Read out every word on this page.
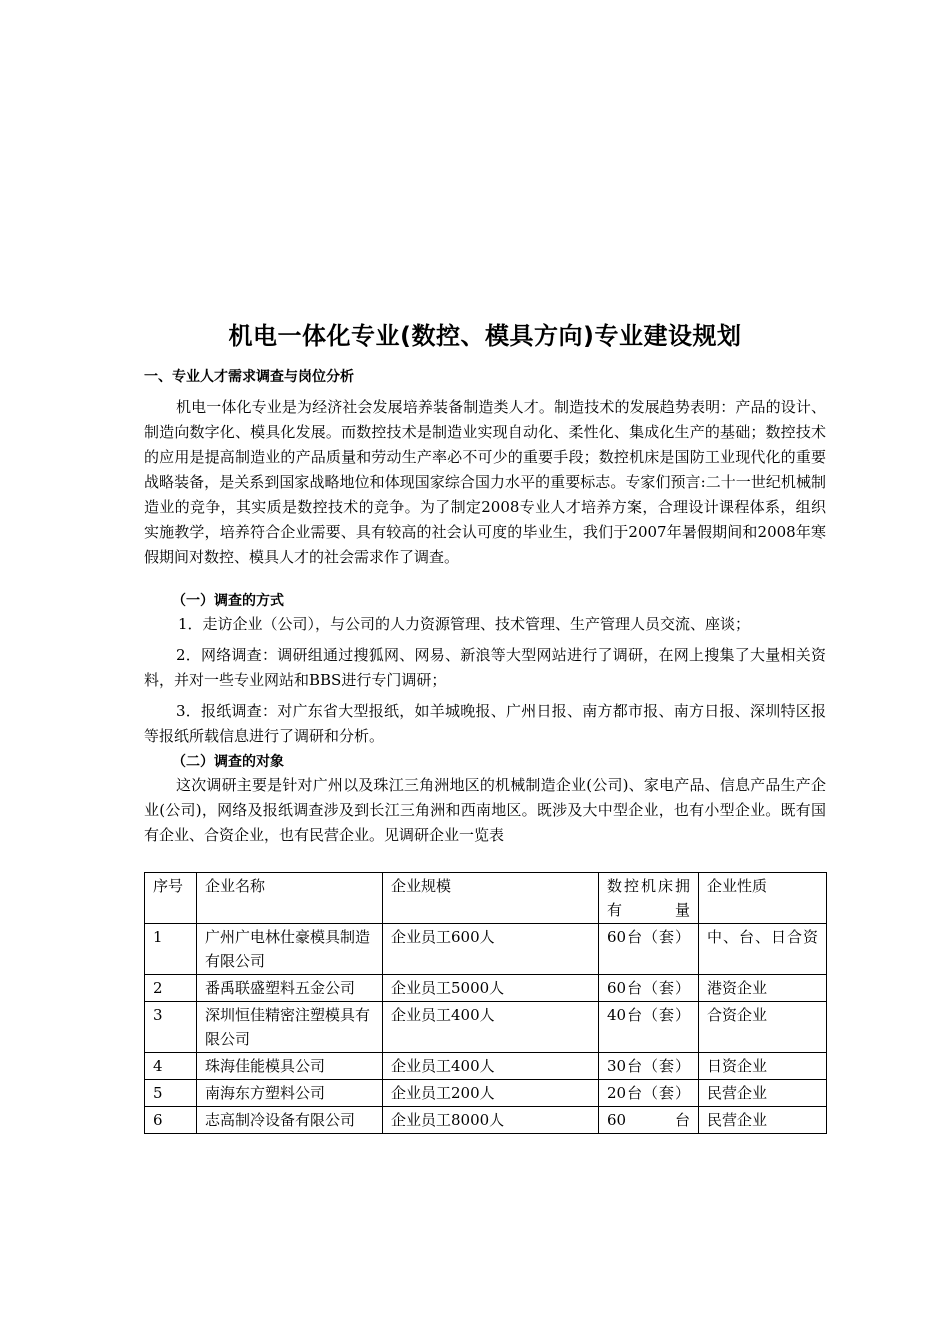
机电一体化专业(数控、模具方向)专业建设规划
一、专业人才需求调查与岗位分析

机电一体化专业是为经济社会发展培养装备制造类人才。制造技术的发展趋势表明：产品的设计、制造向数字化、模具化发展。而数控技术是制造业实现自动化、柔性化、集成化生产的基础；数控技术的应用是提高制造业的产品质量和劳动生产率必不可少的重要手段；数控机床是国防工业现代化的重要战略装备，是关系到国家战略地位和体现国家综合国力水平的重要标志。专家们预言:二十一世纪机械制造业的竞争，其实质是数控技术的竞争。为了制定2008专业人才培养方案，合理设计课程体系，组织实施教学，培养符合企业需要、具有较高的社会认可度的毕业生，我们于2007年暑假期间和2008年寒假期间对数控、模具人才的社会需求作了调查。

（一）调查的方式

1．走访企业（公司），与公司的人力资源管理、技术管理、生产管理人员交流、座谈；

2．网络调查：调研组通过搜狐网、网易、新浪等大型网站进行了调研，在网上搜集了大量相关资料，并对一些专业网站和BBS进行专门调研；

3．报纸调查：对广东省大型报纸，如羊城晚报、广州日报、南方都市报、南方日报、深圳特区报等报纸所载信息进行了调研和分析。

（二）调查的对象

这次调研主要是针对广州以及珠江三角洲地区的机械制造企业(公司)、家电产品、信息产品生产企业(公司)，网络及报纸调查涉及到长江三角洲和西南地区。既涉及大中型企业，也有小型企业。既有国有企业、合资企业，也有民营企业。见调研企业一览表

序号	企业名称	企业规模	数控机床拥有量	企业性质
1	广州广电林仕豪模具制造有限公司	企业员工600人	60台（套）	中、台、日合资
2	番禹联盛塑料五金公司	企业员工5000人	60台（套）	港资企业
3	深圳恒佳精密注塑模具有限公司	企业员工400人	40台（套）	合资企业
4	珠海佳能模具公司	企业员工400人	30台（套）	日资企业
5	南海东方塑料公司	企业员工200人	20台（套）	民营企业
6	志高制冷设备有限公司	企业员工8000人	60台	民营企业
